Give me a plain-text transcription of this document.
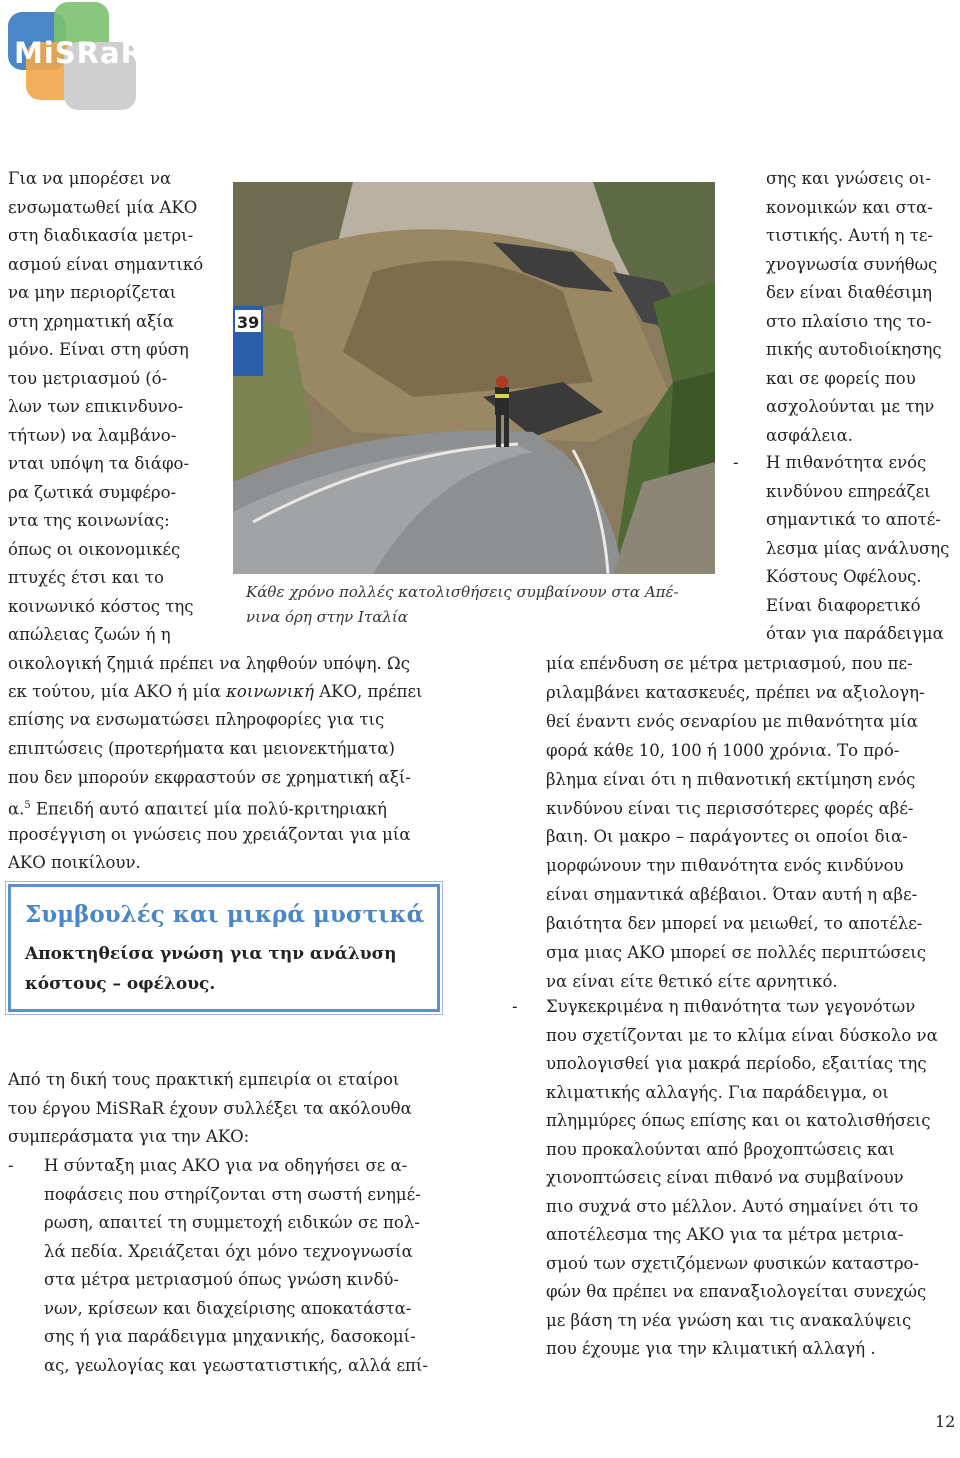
MiSRaR
Για να μπορέσει να
ενσωματωθεί μία ΑΚΟ
στη διαδικασία μετρι-
ασμού είναι σημαντικό
να μην περιορίζεται
στη χρηματική αξία
μόνο. Είναι στη φύση
του μετριασμού (ό-
λων των επικινδυνο-
τήτων) να λαμβάνο-
νται υπόψη τα διάφο-
ρα ζωτικά συμφέρο-
ντα της κοινωνίας:
όπως οι οικονομικές
πτυχές έτσι και το
κοινωνικό κόστος της
απώλειας ζωών ή η
39
Κάθε χρόνο πολλές κατολισθήσεις συμβαίνουν στα Απέ-
νινα όρη στην Ιταλία
οικολογική ζημιά πρέπει να ληφθούν υπόψη. Ως
εκ τούτου, μία ΑΚΟ ή μία κοινωνική ΑΚΟ, πρέπει
επίσης να ενσωματώσει πληροφορίες για τις
επιπτώσεις (προτερήματα και μειονεκτήματα)
που δεν μπορούν εκφραστούν σε χρηματική αξί-
α.$^5$ Επειδή αυτό απαιτεί μία πολύ-κριτηριακή
προσέγγιση οι γνώσεις που χρειάζονται για μία
ΑΚΟ ποικίλουν.
Συμβουλές και μικρά μυστικά
Αποκτηθείσα γνώση για την ανάλυση
κόστους – οφέλους.
Από τη δική τους πρακτική εμπειρία οι εταίροι
του έργου MiSRaR έχουν συλλέξει τα ακόλουθα
συμπεράσματα για την ΑΚΟ:
- Η σύνταξη μιας ΑΚΟ για να οδηγήσει σε α-
ποφάσεις που στηρίζονται στη σωστή ενημέ-
ρωση, απαιτεί τη συμμετοχή ειδικών σε πολ-
λά πεδία. Χρειάζεται όχι μόνο τεχνογνωσία
στα μέτρα μετριασμού όπως γνώση κινδύ-
νων, κρίσεων και διαχείρισης αποκατάστα-
σης ή για παράδειγμα μηχανικής, δασοκομί-
ας, γεωλογίας και γεωστατιστικής, αλλά επί-
σης και γνώσεις οι-
κονομικών και στα-
τιστικής. Αυτή η τε-
χνογνωσία συνήθως
δεν είναι διαθέσιμη
στο πλαίσιο της το-
πικής αυτοδιοίκησης
και σε φορείς που
ασχολούνται με την
ασφάλεια.
- Η πιθανότητα ενός
κινδύνου επηρεάζει
σημαντικά το αποτέ-
λεσμα μίας ανάλυσης
Κόστους Οφέλους.
Είναι διαφορετικό
όταν για παράδειγμα
μία επένδυση σε μέτρα μετριασμού, που πε-
ριλαμβάνει κατασκευές, πρέπει να αξιολογη-
θεί έναντι ενός σεναρίου με πιθανότητα μία
φορά κάθε 10, 100 ή 1000 χρόνια. Το πρό-
βλημα είναι ότι η πιθανοτική εκτίμηση ενός
κινδύνου είναι τις περισσότερες φορές αβέ-
βαιη. Οι μακρο – παράγοντες οι οποίοι δια-
μορφώνουν την πιθανότητα ενός κινδύνου
είναι σημαντικά αβέβαιοι. Όταν αυτή η αβε-
βαιότητα δεν μπορεί να μειωθεί, το αποτέλε-
σμα μιας ΑΚΟ μπορεί σε πολλές περιπτώσεις
να είναι είτε θετικό είτε αρνητικό.
- Συγκεκριμένα η πιθανότητα των γεγονότων
που σχετίζονται με το κλίμα είναι δύσκολο να
υπολογισθεί για μακρά περίοδο, εξαιτίας της
κλιματικής αλλαγής. Για παράδειγμα, οι
πλημμύρες όπως επίσης και οι κατολισθήσεις
που προκαλούνται από βροχοπτώσεις και
χιονοπτώσεις είναι πιθανό να συμβαίνουν
πιο συχνά στο μέλλον. Αυτό σημαίνει ότι το
αποτέλεσμα της ΑΚΟ για τα μέτρα μετρια-
σμού των σχετιζόμενων φυσικών καταστρο-
φών θα πρέπει να επαναξιολογείται συνεχώς
με βάση τη νέα γνώση και τις ανακαλύψεις
που έχουμε για την κλιματική αλλαγή .
12
